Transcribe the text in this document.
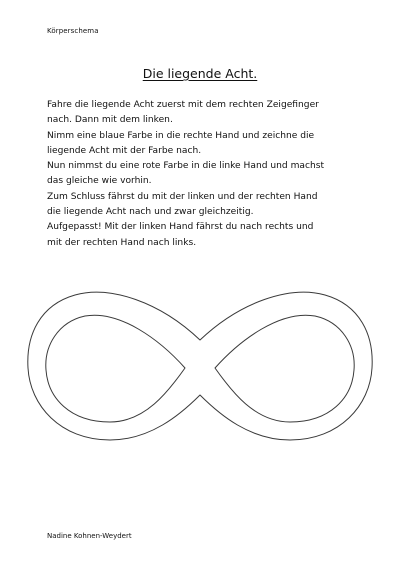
Körperschema
Die liegende Acht.
Fahre die liegende Acht zuerst mit dem rechten Zeigefinger
nach. Dann mit dem linken.
Nimm eine blaue Farbe in die rechte Hand und zeichne die
liegende Acht mit der Farbe nach.
Nun nimmst du eine rote Farbe in die linke Hand und machst
das gleiche wie vorhin.
Zum Schluss fährst du mit der linken und der rechten Hand
die liegende Acht nach und zwar gleichzeitig.
Aufgepasst! Mit der linken Hand fährst du nach rechts und
mit der rechten Hand nach links.
Nadine Kohnen-Weydert
